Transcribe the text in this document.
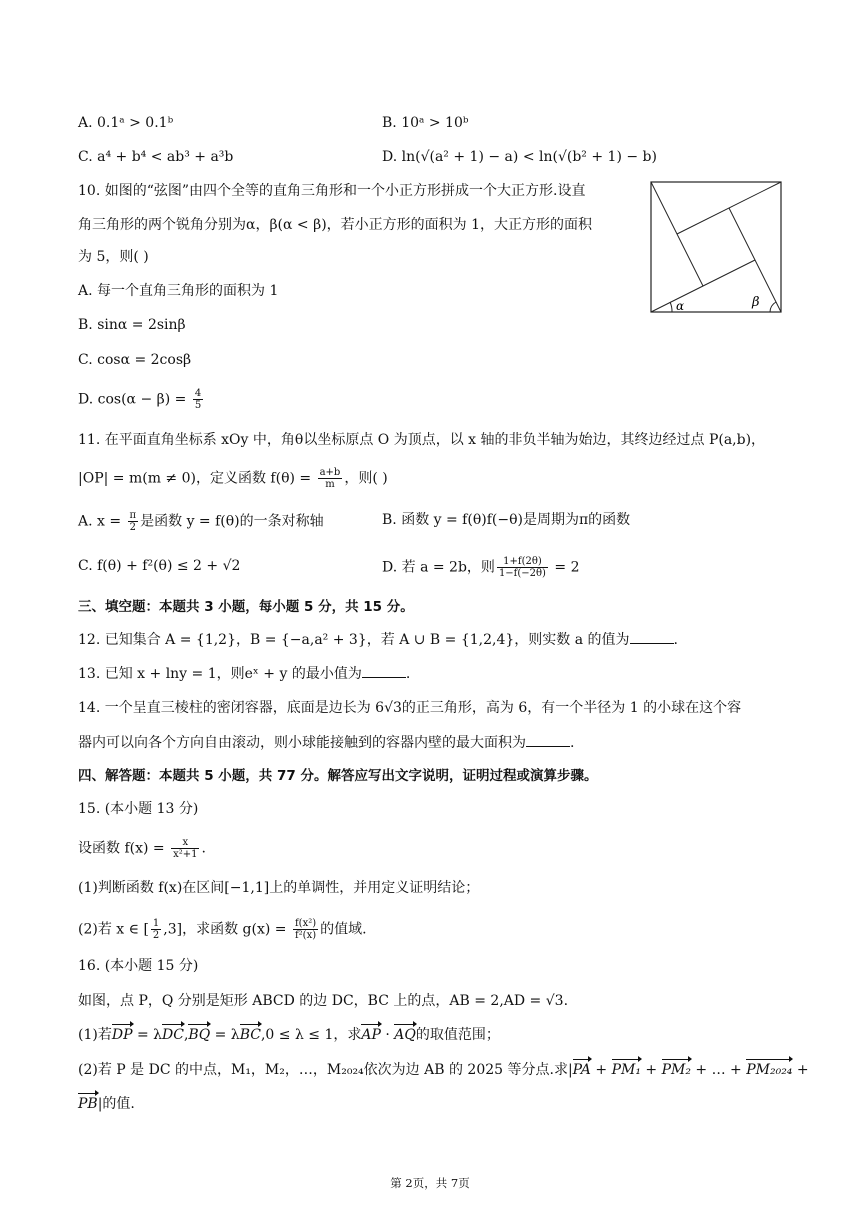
A. 0.1ᵃ > 0.1ᵇ	B. 10ᵃ > 10ᵇ
C. a⁴ + b⁴ < ab³ + a³b	D. ln(√(a² + 1) − a) < ln(√(b² + 1) − b)
10. 如图的“弦图”由四个全等的直角三角形和一个小正方形拼成一个大正方形.设直
角三角形的两个锐角分别为α，β(α < β)，若小正方形的面积为 1，大正方形的面积
为 5，则( )
A. 每一个直角三角形的面积为 1
B. sinα = 2sinβ
C. cosα = 2cosβ
D. $\cos(\alpha - \beta) = \frac{4}{5}$
α	β
11. 在平面直角坐标系 xOy 中，角θ以坐标原点 O 为顶点，以 x 轴的非负半轴为始边，其终边经过点 P(a,b)，
|OP| = m(m ≠ 0)，定义函数 $f(\theta) = \frac{a+b}{m}$ ，则( )
A. $x = \frac{\pi}{2}$ 是函数 y = f(θ)的一条对称轴	B. 函数 y = f(θ)f(−θ)是周期为π的函数
C. f(θ) + f²(θ) ≤ 2 + √2	D. 若 a = 2b，则 $\frac{1+f(2\theta)}{1-f(-2\theta)} = 2$
三、填空题：本题共 3 小题，每小题 5 分，共 15 分。
12. 已知集合 A = {1,2}，B = {−a,a² + 3}，若 A ∪ B = {1,2,4}，则实数 a 的值为	.
13. 已知 x + lny = 1，则eˣ + y 的最小值为	.
14. 一个呈直三棱柱的密闭容器，底面是边长为 6√3的正三角形，高为 6，有一个半径为 1 的小球在这个容
器内可以向各个方向自由滚动，则小球能接触到的容器内壁的最大面积为	.
四、解答题：本题共 5 小题，共 77 分。解答应写出文字说明，证明过程或演算步骤。
15. (本小题 13 分)
设函数 $f(x) = \frac{x}{\text{x²+1}}$ .
(1)判断函数 f(x)在区间[−1,1]上的单调性，并用定义证明结论；
(2)若 x ∈ [ $\frac{1}{2} ,3$]，求函数 $g(x) = \frac{\text{f(x²)}}{\text{f²(x)}}$ 的值域.
16. (本小题 15 分)
如图，点 P，Q 分别是矩形 ABCD 的边 DC，BC 上的点，AB = 2,AD = √3.
(1)若DP = λDC,BQ = λBC,0 ≤ λ ≤ 1，求AP · AQ的取值范围；
(2)若 P 是 DC 的中点，M₁，M₂，…，M₂₀₂₄依次为边 AB 的 2025 等分点.求|PA + PM₁ + PM₂ + … + PM₂₀₂₄ +
PB|的值.
第 2页，共 7页
